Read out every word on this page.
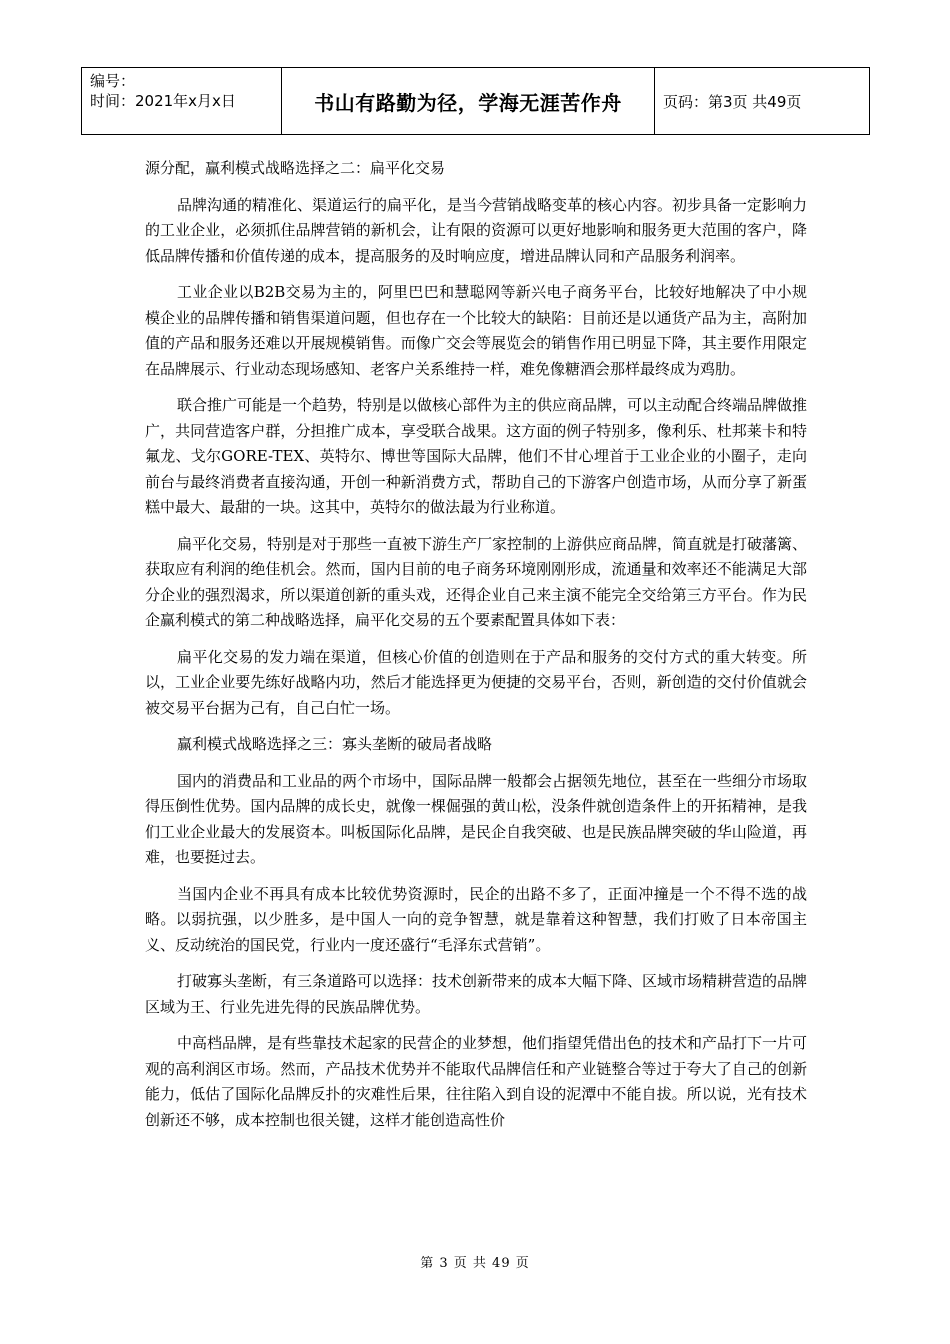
编号：
时间：2021年x月x日	书山有路勤为径，学海无涯苦作舟	页码：第3页 共49页

源分配，赢利模式战略选择之二：扁平化交易

品牌沟通的精准化、渠道运行的扁平化，是当今营销战略变革的核心内容。初步具备一定影响力的工业企业，必须抓住品牌营销的新机会，让有限的资源可以更好地影响和服务更大范围的客户，降低品牌传播和价值传递的成本，提高服务的及时响应度，增进品牌认同和产品服务利润率。

工业企业以B2B交易为主的，阿里巴巴和慧聪网等新兴电子商务平台，比较好地解决了中小规模企业的品牌传播和销售渠道问题，但也存在一个比较大的缺陷：目前还是以通货产品为主，高附加值的产品和服务还难以开展规模销售。而像广交会等展览会的销售作用已明显下降，其主要作用限定在品牌展示、行业动态现场感知、老客户关系维持一样，难免像糖酒会那样最终成为鸡肋。

联合推广可能是一个趋势，特别是以做核心部件为主的供应商品牌，可以主动配合终端品牌做推广，共同营造客户群，分担推广成本，享受联合战果。这方面的例子特别多，像利乐、杜邦莱卡和特氟龙、戈尔GORE-TEX、英特尔、博世等国际大品牌，他们不甘心埋首于工业企业的小圈子，走向前台与最终消费者直接沟通，开创一种新消费方式，帮助自己的下游客户创造市场，从而分享了新蛋糕中最大、最甜的一块。这其中，英特尔的做法最为行业称道。

扁平化交易，特别是对于那些一直被下游生产厂家控制的上游供应商品牌，简直就是打破藩篱、获取应有利润的绝佳机会。然而，国内目前的电子商务环境刚刚形成，流通量和效率还不能满足大部分企业的强烈渴求，所以渠道创新的重头戏，还得企业自己来主演不能完全交给第三方平台。作为民企赢利模式的第二种战略选择，扁平化交易的五个要素配置具体如下表：

扁平化交易的发力端在渠道，但核心价值的创造则在于产品和服务的交付方式的重大转变。所以，工业企业要先练好战略内功，然后才能选择更为便捷的交易平台，否则，新创造的交付价值就会被交易平台据为己有，自己白忙一场。

赢利模式战略选择之三：寡头垄断的破局者战略

国内的消费品和工业品的两个市场中，国际品牌一般都会占据领先地位，甚至在一些细分市场取得压倒性优势。国内品牌的成长史，就像一棵倔强的黄山松，没条件就创造条件上的开拓精神，是我们工业企业最大的发展资本。叫板国际化品牌，是民企自我突破、也是民族品牌突破的华山险道，再难，也要挺过去。

当国内企业不再具有成本比较优势资源时，民企的出路不多了，正面冲撞是一个不得不选的战略。以弱抗强，以少胜多，是中国人一向的竞争智慧，就是靠着这种智慧，我们打败了日本帝国主义、反动统治的国民党，行业内一度还盛行“毛泽东式营销”。

打破寡头垄断，有三条道路可以选择：技术创新带来的成本大幅下降、区域市场精耕营造的品牌区域为王、行业先进先得的民族品牌优势。

中高档品牌，是有些靠技术起家的民营企的业梦想，他们指望凭借出色的技术和产品打下一片可观的高利润区市场。然而，产品技术优势并不能取代品牌信任和产业链整合等过于夸大了自己的创新能力，低估了国际化品牌反扑的灾难性后果，往往陷入到自设的泥潭中不能自拔。所以说，光有技术创新还不够，成本控制也很关键，这样才能创造高性价

第 3 页 共 49 页
